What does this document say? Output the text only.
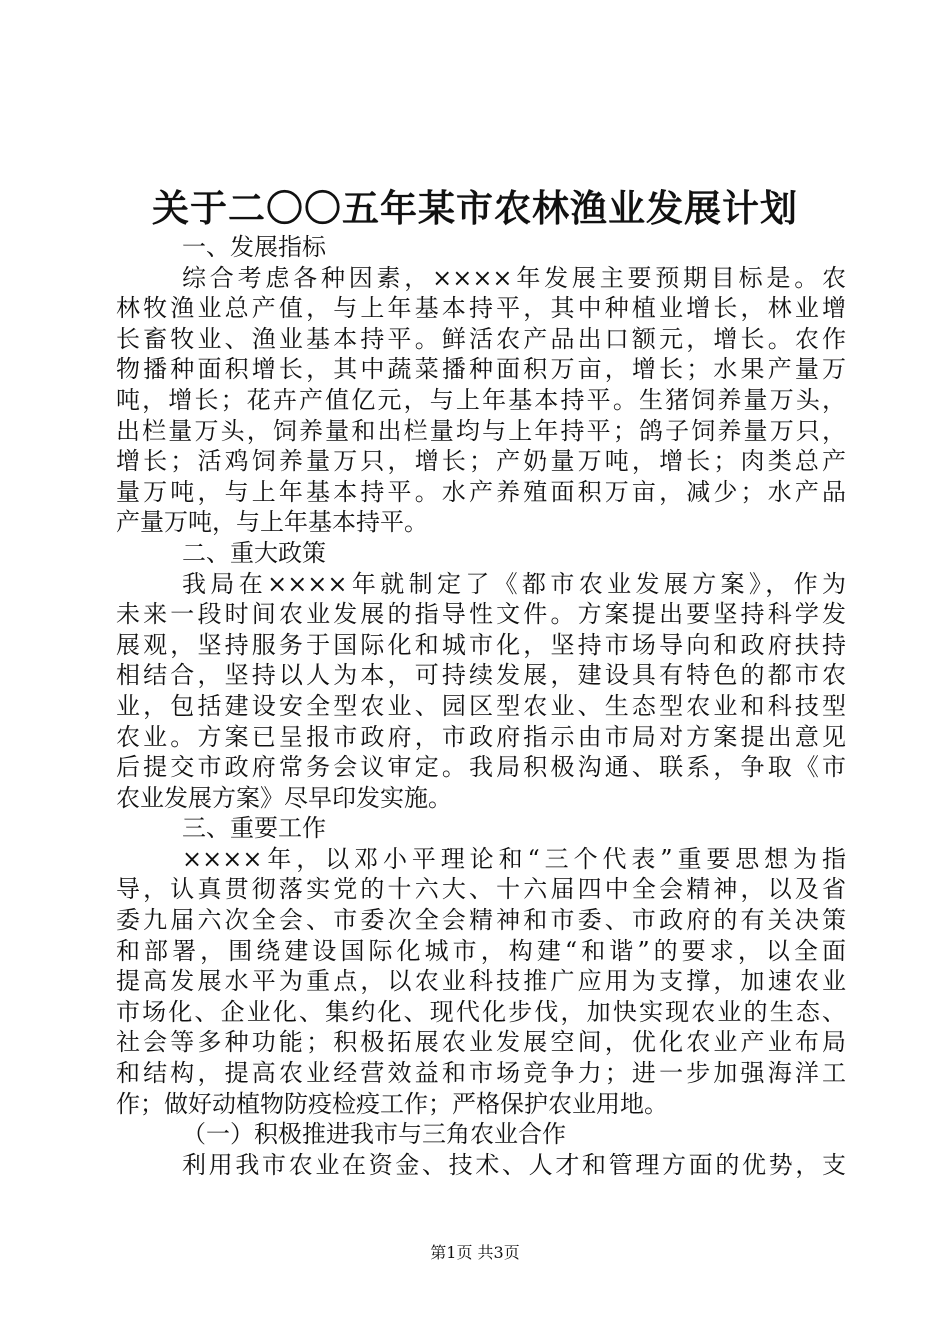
关于二〇〇五年某市农林渔业发展计划
一、发展指标
综合考虑各种因素，××××年发展主要预期目标是。农
林牧渔业总产值，与上年基本持平，其中种植业增长，林业增
长畜牧业、渔业基本持平。鲜活农产品出口额元，增长。农作
物播种面积增长，其中蔬菜播种面积万亩，增长；水果产量万
吨，增长；花卉产值亿元，与上年基本持平。生猪饲养量万头，
出栏量万头，饲养量和出栏量均与上年持平；鸽子饲养量万只，
增长；活鸡饲养量万只，增长；产奶量万吨，增长；肉类总产
量万吨，与上年基本持平。水产养殖面积万亩，减少；水产品
产量万吨，与上年基本持平。
二、重大政策
我局在××××年就制定了《都市农业发展方案》，作为
未来一段时间农业发展的指导性文件。方案提出要坚持科学发
展观，坚持服务于国际化和城市化，坚持市场导向和政府扶持
相结合，坚持以人为本，可持续发展，建设具有特色的都市农
业，包括建设安全型农业、园区型农业、生态型农业和科技型
农业。方案已呈报市政府，市政府指示由市局对方案提出意见
后提交市政府常务会议审定。我局积极沟通、联系，争取《市
农业发展方案》尽早印发实施。
三、重要工作
××××年，以邓小平理论和“三个代表”重要思想为指
导，认真贯彻落实党的十六大、十六届四中全会精神，以及省
委九届六次全会、市委次全会精神和市委、市政府的有关决策
和部署，围绕建设国际化城市，构建“和谐”的要求，以全面
提高发展水平为重点，以农业科技推广应用为支撑，加速农业
市场化、企业化、集约化、现代化步伐，加快实现农业的生态、
社会等多种功能；积极拓展农业发展空间，优化农业产业布局
和结构，提高农业经营效益和市场竞争力；进一步加强海洋工
作；做好动植物防疫检疫工作；严格保护农业用地。
（一）积极推进我市与三角农业合作
利用我市农业在资金、技术、人才和管理方面的优势，支
第1页 共3页
